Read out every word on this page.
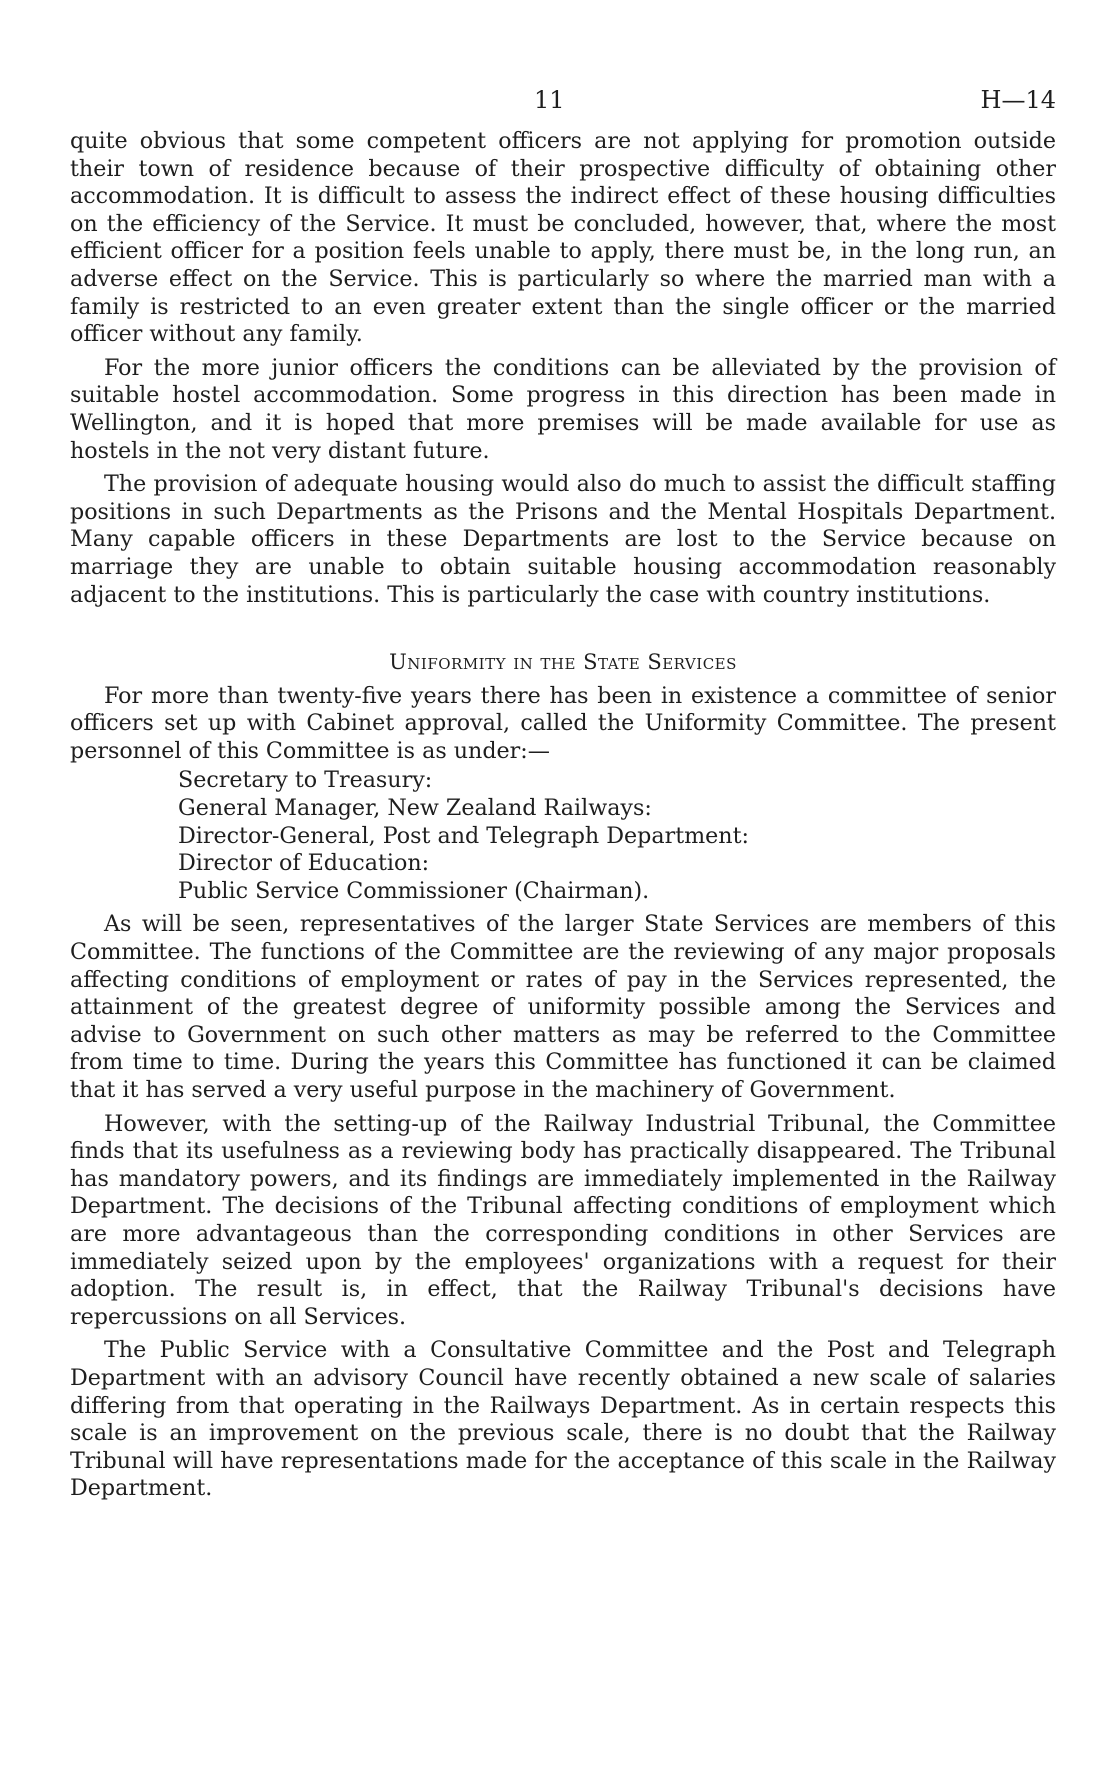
11	H—14

quite obvious that some competent officers are not applying for promotion outside their town of residence because of their prospective difficulty of obtaining other accommodation. It is difficult to assess the indirect effect of these housing difficulties on the efficiency of the Service. It must be concluded, however, that, where the most efficient officer for a position feels unable to apply, there must be, in the long run, an adverse effect on the Service. This is particularly so where the married man with a family is restricted to an even greater extent than the single officer or the married officer without any family.

For the more junior officers the conditions can be alleviated by the provision of suitable hostel accommodation. Some progress in this direction has been made in Wellington, and it is hoped that more premises will be made available for use as hostels in the not very distant future.

The provision of adequate housing would also do much to assist the difficult staffing positions in such Departments as the Prisons and the Mental Hospitals Department. Many capable officers in these Departments are lost to the Service because on marriage they are unable to obtain suitable housing accommodation reasonably adjacent to the institutions. This is particularly the case with country institutions.

Uniformity in the State Services

For more than twenty-five years there has been in existence a committee of senior officers set up with Cabinet approval, called the Uniformity Committee. The present personnel of this Committee is as under:—

Secretary to Treasury:
General Manager, New Zealand Railways:
Director-General, Post and Telegraph Department:
Director of Education:
Public Service Commissioner (Chairman).

As will be seen, representatives of the larger State Services are members of this Committee. The functions of the Committee are the reviewing of any major proposals affecting conditions of employment or rates of pay in the Services represented, the attainment of the greatest degree of uniformity possible among the Services and advise to Government on such other matters as may be referred to the Committee from time to time. During the years this Committee has functioned it can be claimed that it has served a very useful purpose in the machinery of Government.

However, with the setting-up of the Railway Industrial Tribunal, the Committee finds that its usefulness as a reviewing body has practically disappeared. The Tribunal has mandatory powers, and its findings are immediately implemented in the Railway Department. The decisions of the Tribunal affecting conditions of employment which are more advantageous than the corresponding conditions in other Services are immediately seized upon by the employees' organizations with a request for their adoption. The result is, in effect, that the Railway Tribunal's decisions have repercussions on all Services.

The Public Service with a Consultative Committee and the Post and Telegraph Department with an advisory Council have recently obtained a new scale of salaries differing from that operating in the Railways Department. As in certain respects this scale is an improvement on the previous scale, there is no doubt that the Railway Tribunal will have representations made for the acceptance of this scale in the Railway Department.
